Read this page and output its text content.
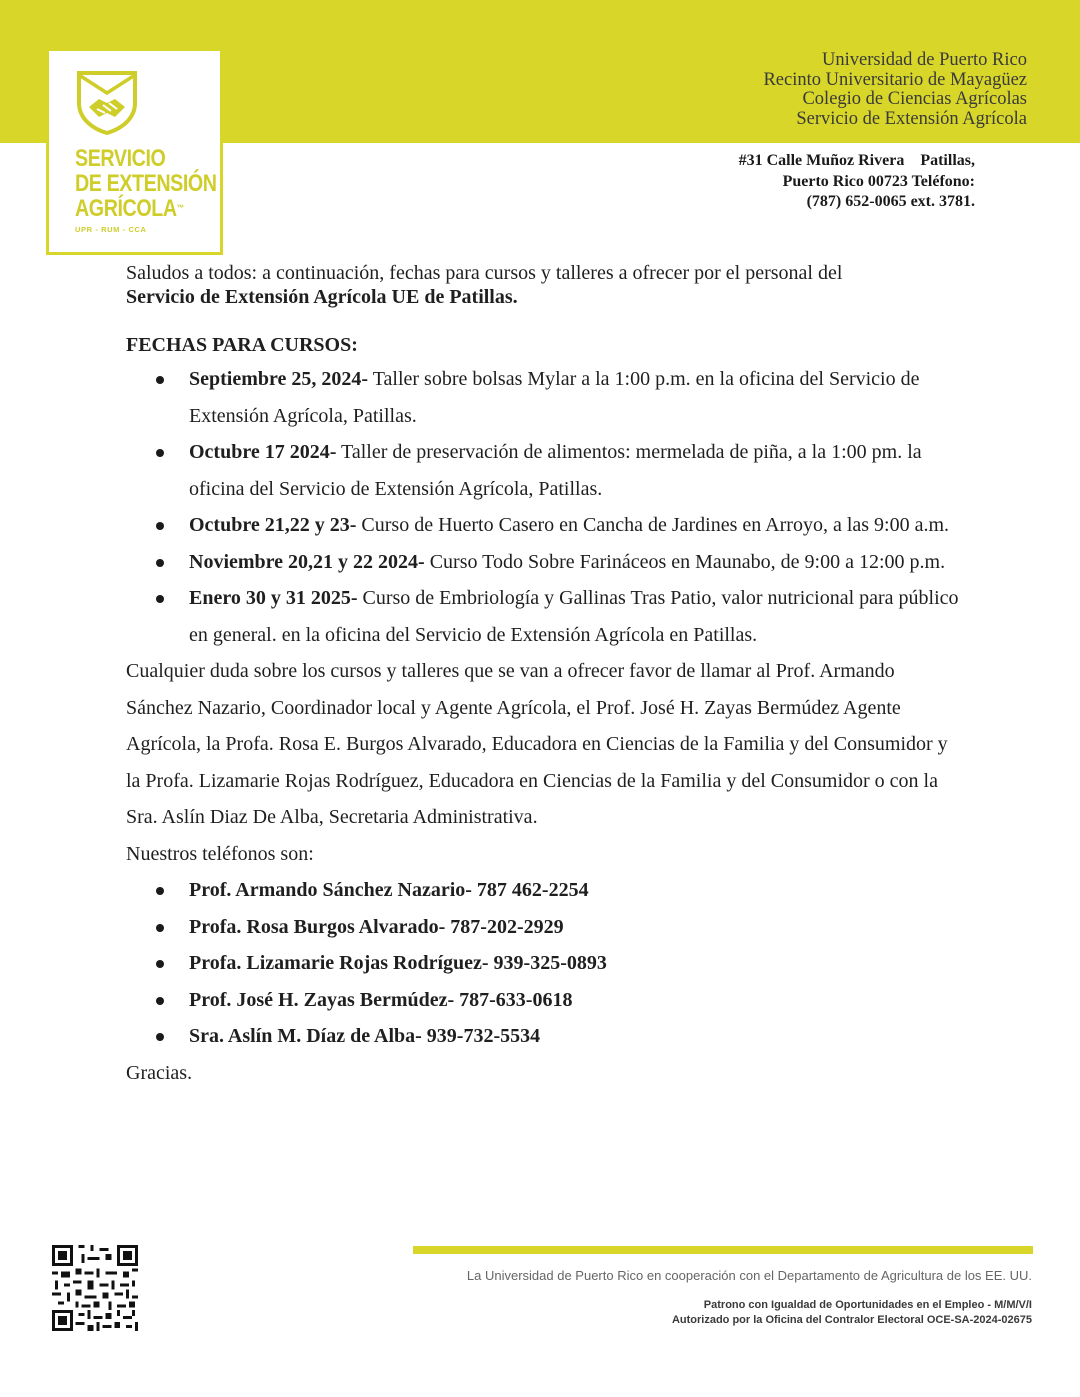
SERVICIO
DE EXTENSIÓN
AGRÍCOLA™
UPR - RUM - CCA
Universidad de Puerto Rico
Recinto Universitario de Mayagüez
Colegio de Ciencias Agrícolas
Servicio de Extensión Agrícola
#31 Calle Muñoz Rivera    Patillas,
Puerto Rico 00723 Teléfono:
(787) 652-0065 ext. 3781.
Saludos a todos: a continuación, fechas para cursos y talleres a ofrecer por el personal del
Servicio de Extensión Agrícola UE de Patillas.
FECHAS PARA CURSOS:
Septiembre 25, 2024- Taller sobre bolsas Mylar a la 1:00 p.m. en la oficina del Servicio de Extensión Agrícola, Patillas.
Octubre 17 2024- Taller de preservación de alimentos: mermelada de piña, a la 1:00 pm. la oficina del Servicio de Extensión Agrícola, Patillas.
Octubre 21,22 y 23- Curso de Huerto Casero en Cancha de Jardines en Arroyo, a las 9:00 a.m.
Noviembre 20,21 y 22 2024- Curso Todo Sobre Farináceos en Maunabo, de 9:00 a 12:00 p.m.
Enero 30 y 31 2025- Curso de Embriología y Gallinas Tras Patio, valor nutricional para público en general. en la oficina del Servicio de Extensión Agrícola en Patillas.
Cualquier duda sobre los cursos y talleres que se van a ofrecer favor de llamar al Prof. Armando Sánchez Nazario, Coordinador local y Agente Agrícola, el Prof. José H. Zayas Bermúdez Agente Agrícola, la Profa. Rosa E. Burgos Alvarado, Educadora en Ciencias de la Familia y del Consumidor y la Profa. Lizamarie Rojas Rodríguez, Educadora en Ciencias de la Familia y del Consumidor o con la Sra. Aslín Diaz De Alba, Secretaria Administrativa.
Nuestros teléfonos son:
Prof. Armando Sánchez Nazario- 787 462-2254
Profa. Rosa Burgos Alvarado- 787-202-2929
Profa. Lizamarie Rojas Rodríguez- 939-325-0893
Prof. José H. Zayas Bermúdez- 787-633-0618
Sra. Aslín M. Díaz de Alba- 939-732-5534
Gracias.
La Universidad de Puerto Rico en cooperación con el Departamento de Agricultura de los EE. UU.
Patrono con Igualdad de Oportunidades en el Empleo - M/M/V/I
Autorizado por la Oficina del Contralor Electoral OCE-SA-2024-02675
